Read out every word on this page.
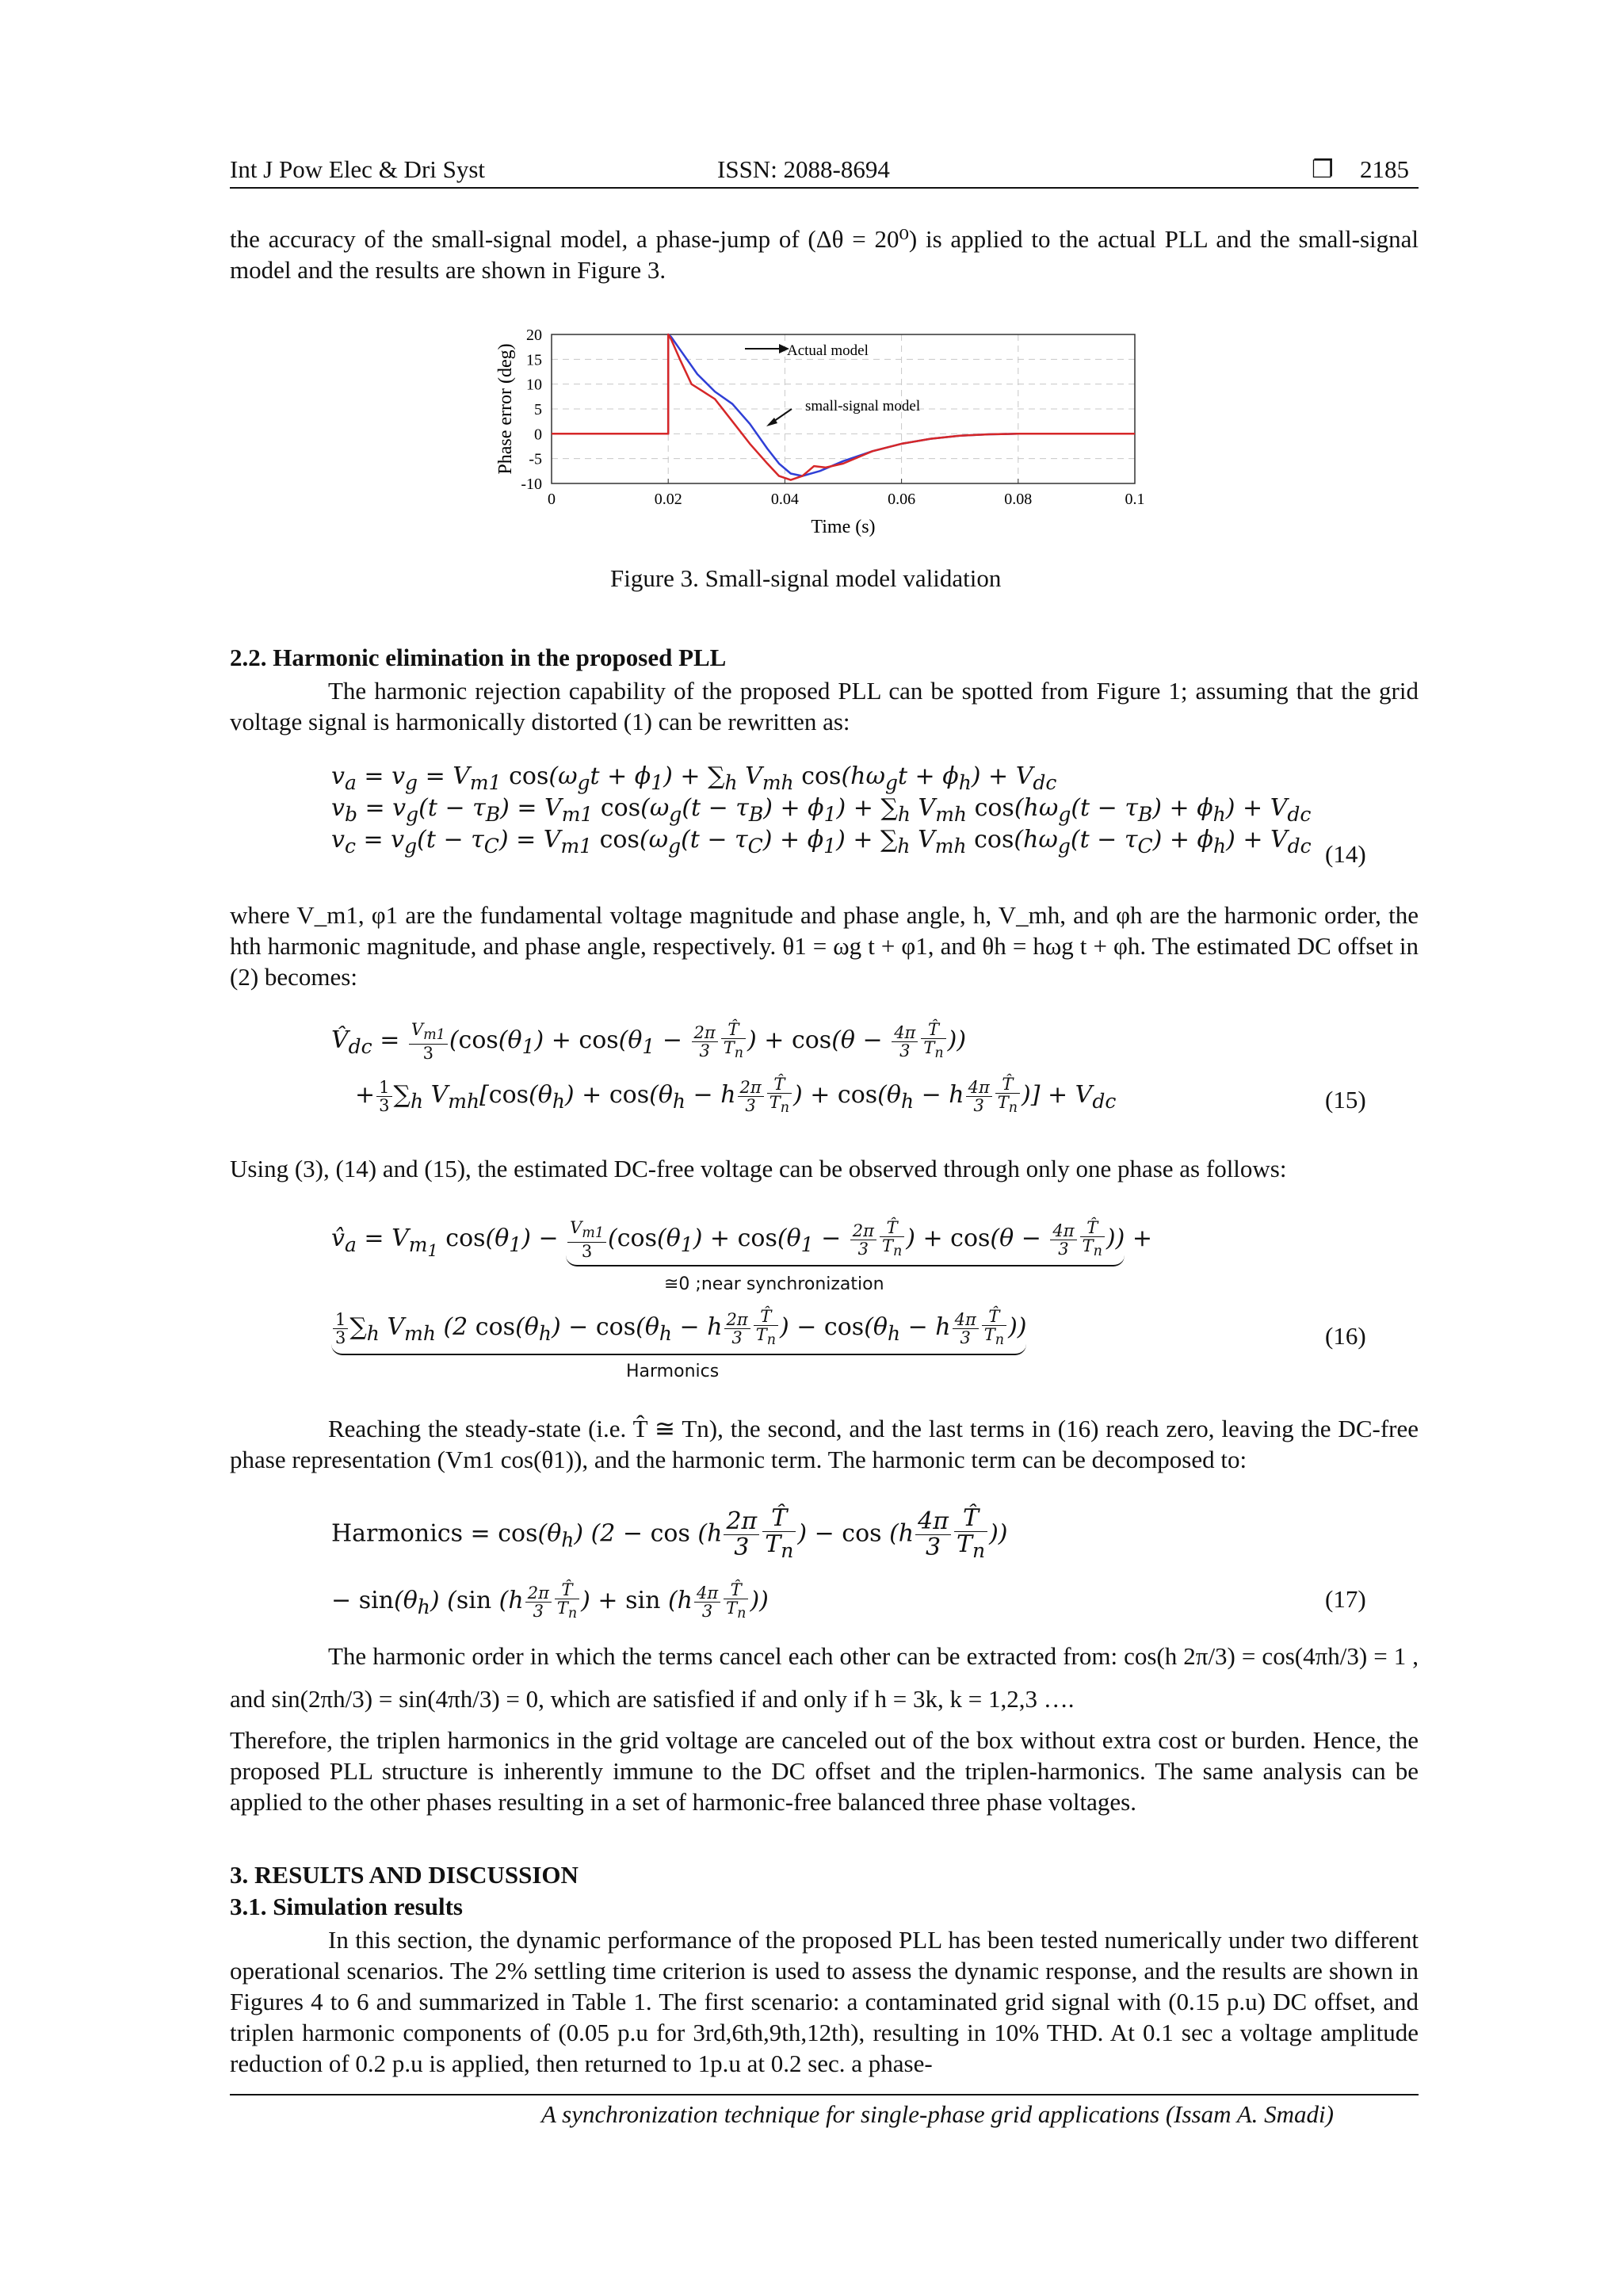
Int J Pow Elec & Dri Syst	ISSN: 2088-8694	❐ 2185
the accuracy of the small-signal model, a phase-jump of (Δθ = 20⁰) is applied to the actual PLL and the small-signal model and the results are shown in Figure 3.
20
15
10
5
0
-5
-10
0	0.02	0.04	0.06	0.08	0.1
Phase error (deg)
Time (s)
Actual model
small-signal model
Figure 3. Small-signal model validation
2.2. Harmonic elimination in the proposed PLL
The harmonic rejection capability of the proposed PLL can be spotted from Figure 1; assuming that the grid voltage signal is harmonically distorted (1) can be rewritten as:
$v_a = v_g = V_{m1}$ $\cos(\omega_gt + \phi_1) + \sum_h$ $V_{mh}$ $\cos(h\omega_gt + \phi_h) + V_{dc}$
$v_b = v_g(t - \tau_B) = V_{m1}$ $\cos(\omega_g(t - \tau_B) + \phi_1) + \sum_h$ $V_{mh}$ $\cos(h\omega_g(t - \tau_B) + \phi_h) + V_{dc}$
$v_c = v_g(t - \tau_C) = V_{m1}$ $\cos(\omega_g(t - \tau_C) + \phi_1) + \sum_h$ $V_{mh}$ $\cos(h\omega_g(t - \tau_C) + \phi_h) + V_{dc}$ (14)
where V_m1, φ1 are the fundamental voltage magnitude and phase angle, h, V_mh, and φh are the harmonic order, the hth harmonic magnitude, and phase angle, respectively. θ1 = ωg t + φ1, and θh = hωg t + φh. The estimated DC offset in (2) becomes:
$V̂_{dc} = \frac{V_{m1}}{3} (\cos(\theta_1) + \cos(\theta_1 - \frac{2\pi}{3} \frac{T̂}{T_n}$ ) + $\cos(\theta - \frac{4\pi}{3} \frac{T̂}{T_n}$ ))
+ $\frac{1}{3} \sum_h$ $V_{mh}[\cos(\theta_h) + \cos(\theta_h - h \frac{2\pi}{3} \frac{T̂}{T_n}$ ) + $\cos(\theta_h - h \frac{4\pi}{3} \frac{T̂}{T_n}$ )] + $V_{dc}$	(15)
Using (3), (14) and (15), the estimated DC-free voltage can be observed through only one phase as follows:
$v̂_a = V_{m_1}$ $\cos(\theta_1) - \frac{V_{m1}}{3} (\cos(\theta_1) + \cos(\theta_1 - \frac{2\pi}{3} \frac{T̂}{T_n}$ ) + $\cos(\theta - \frac{4\pi}{3} \frac{T̂}{T_n}$ )) +
≅0 ;near synchronization
$\frac{1}{3} \sum_h$ $V_{mh}$ (2 $\cos(\theta_h) - \cos(\theta_h - h \frac{2\pi}{3} \frac{T̂}{T_n}$ ) − $\cos(\theta_h - h \frac{4\pi}{3} \frac{T̂}{T_n}$ ))
Harmonics
(16)
Reaching the steady-state (i.e. T̂ ≅ Tn), the second, and the last terms in (16) reach zero, leaving the DC-free phase representation (Vm1 cos(θ1)), and the harmonic term. The harmonic term can be decomposed to:
Harmonics = $\cos(\theta_h) (2 - \cos (h \frac{2\pi}{3} \frac{T̂}{T_n}$ ) − $\cos (h \frac{4\pi}{3} \frac{T̂}{T_n}$ ))
− $\sin(\theta_h)$ (sin ($h \frac{2\pi}{3} \frac{T̂}{T_n}$ ) + $\sin (h \frac{4\pi}{3} \frac{T̂}{T_n}$ ))	(17)
The harmonic order in which the terms cancel each other can be extracted from: cos(h 2π/3) = cos(4πh/3) = 1 , and sin(2πh/3) = sin(4πh/3) = 0, which are satisfied if and only if h = 3k, k = 1,2,3 ….
Therefore, the triplen harmonics in the grid voltage are canceled out of the box without extra cost or burden. Hence, the proposed PLL structure is inherently immune to the DC offset and the triplen-harmonics. The same analysis can be applied to the other phases resulting in a set of harmonic-free balanced three phase voltages.
3. RESULTS AND DISCUSSION
3.1. Simulation results
In this section, the dynamic performance of the proposed PLL has been tested numerically under two different operational scenarios. The 2% settling time criterion is used to assess the dynamic response, and the results are shown in Figures 4 to 6 and summarized in Table 1. The first scenario: a contaminated grid signal with (0.15 p.u) DC offset, and triplen harmonic components of (0.05 p.u for 3rd,6th,9th,12th), resulting in 10% THD. At 0.1 sec a voltage amplitude reduction of 0.2 p.u is applied, then returned to 1p.u at 0.2 sec. a phase-
A synchronization technique for single-phase grid applications (Issam A. Smadi)
